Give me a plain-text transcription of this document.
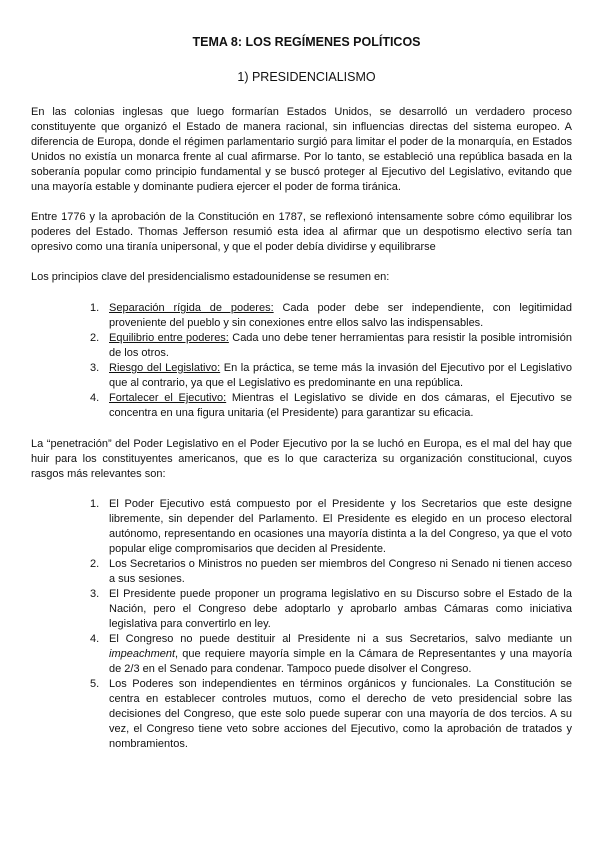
TEMA 8: LOS REGÍMENES POLÍTICOS
1) PRESIDENCIALISMO

En las colonias inglesas que luego formarían Estados Unidos, se desarrolló un verdadero proceso constituyente que organizó el Estado de manera racional, sin influencias directas del sistema europeo. A diferencia de Europa, donde el régimen parlamentario surgió para limitar el poder de la monarquía, en Estados Unidos no existía un monarca frente al cual afirmarse. Por lo tanto, se estableció una república basada en la soberanía popular como principio fundamental y se buscó proteger al Ejecutivo del Legislativo, evitando que una mayoría estable y dominante pudiera ejercer el poder de forma tiránica.

Entre 1776 y la aprobación de la Constitución en 1787, se reflexionó intensamente sobre cómo equilibrar los poderes del Estado. Thomas Jefferson resumió esta idea al afirmar que un despotismo electivo sería tan opresivo como una tiranía unipersonal, y que el poder debía dividirse y equilibrarse

Los principios clave del presidencialismo estadounidense se resumen en:

1. Separación rígida de poderes: Cada poder debe ser independiente, con legitimidad proveniente del pueblo y sin conexiones entre ellos salvo las indispensables.
2. Equilibrio entre poderes: Cada uno debe tener herramientas para resistir la posible intromisión de los otros.
3. Riesgo del Legislativo: En la práctica, se teme más la invasión del Ejecutivo por el Legislativo que al contrario, ya que el Legislativo es predominante en una república.
4. Fortalecer el Ejecutivo: Mientras el Legislativo se divide en dos cámaras, el Ejecutivo se concentra en una figura unitaria (el Presidente) para garantizar su eficacia.

La “penetración” del Poder Legislativo en el Poder Ejecutivo por la se luchó en Europa, es el mal del hay que huir para los constituyentes americanos, que es lo que caracteriza su organización constitucional, cuyos rasgos más relevantes son:

1. El Poder Ejecutivo está compuesto por el Presidente y los Secretarios que este designe libremente, sin depender del Parlamento. El Presidente es elegido en un proceso electoral autónomo, representando en ocasiones una mayoría distinta a la del Congreso, ya que el voto popular elige compromisarios que deciden al Presidente.
2. Los Secretarios o Ministros no pueden ser miembros del Congreso ni Senado ni tienen acceso a sus sesiones.
3. El Presidente puede proponer un programa legislativo en su Discurso sobre el Estado de la Nación, pero el Congreso debe adoptarlo y aprobarlo ambas Cámaras como iniciativa legislativa para convertirlo en ley.
4. El Congreso no puede destituir al Presidente ni a sus Secretarios, salvo mediante un impeachment, que requiere mayoría simple en la Cámara de Representantes y una mayoría de 2/3 en el Senado para condenar. Tampoco puede disolver el Congreso.
5. Los Poderes son independientes en términos orgánicos y funcionales. La Constitución se centra en establecer controles mutuos, como el derecho de veto presidencial sobre las decisiones del Congreso, que este solo puede superar con una mayoría de dos tercios. A su vez, el Congreso tiene veto sobre acciones del Ejecutivo, como la aprobación de tratados y nombramientos.
